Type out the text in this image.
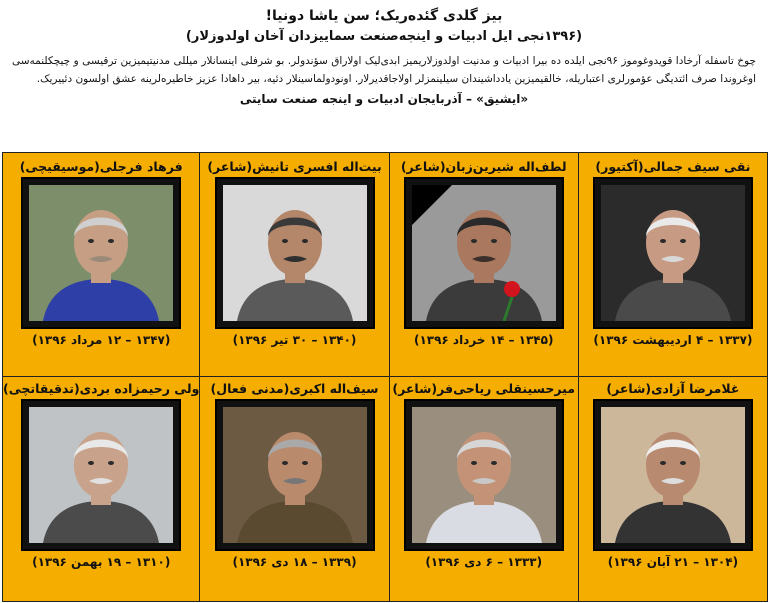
بیز گلدی گئده‌ریک؛ سن یاشا دونیا!
(۱۳۹۶نجی ایل ادبیات و اینجه‌صنعت سماییزدان آخان اولدوزلار)
چوخ تاسفله آرخادا قویدوغوموز ۹۶نجی ایلده ده بیرا ادبیات و مدنیت اولدوزلاریمیز ابدی‌لیک اولاراق سؤندولر. بو شرفلی اینسانلار میللی مدنیتیمیزین ترقیسی و چیچکلنمه‌سی اوغروندا صرف ائتدیگی عؤمورلری اعتباریله، خالقیمیزین یادداشیندان سیلینمزلر اولاجاقدیرلار. اونودولماسینلار دئیه، بیر داهادا عزیز خاطیره‌لرینه عشق اولسون دئییریک.
«ایشیق» – آذربایجان ادبیات و اینجه صنعت سایتی
نقی سیف جمالی(آکتیور)
(۱۳۳۷ – ۴ اردیبهشت ۱۳۹۶)
لطف‌اله شیرین‌زبان(شاعر)
(۱۳۴۵ – ۱۴ خرداد ۱۳۹۶)
بیت‌اله افسری تانیش(شاعر)
(۱۳۴۰ – ۳۰ تیر ۱۳۹۶)
فرهاد فرجلی(موسیقیچی)
(۱۳۴۷ – ۱۲ مرداد ۱۳۹۶)
غلامرضا آزادی(شاعر)
(۱۳۰۴ – ۲۱ آبان ۱۳۹۶)
میرحسینقلی ریاحی‌فر(شاعر)
(۱۳۳۳ – ۶ دی ۱۳۹۶)
سیف‌اله اکبری(مدنی فعال)
(۱۳۳۹ – ۱۸ دی ۱۳۹۶)
ولی رحیمزاده بردی(تدقیقاتچی)
(۱۳۱۰ – ۱۹ بهمن ۱۳۹۶)
